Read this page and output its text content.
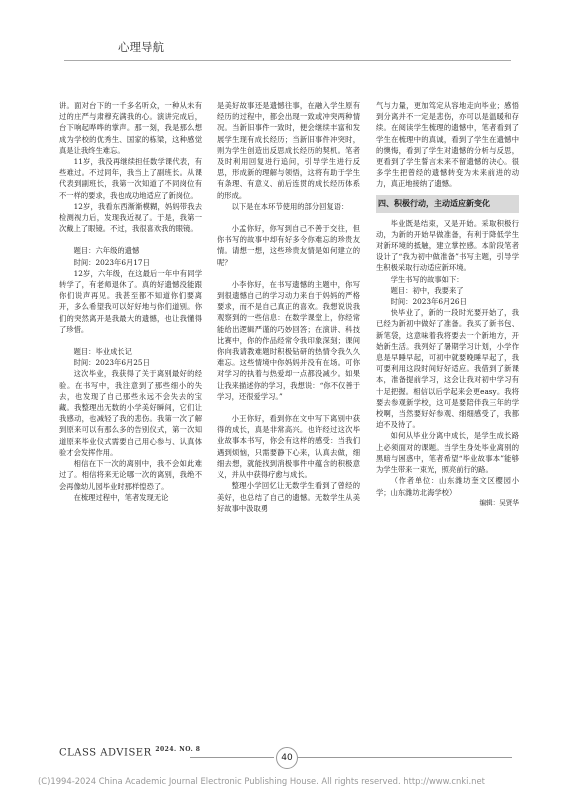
心理导航

讲。面对台下的一千多名听众，一种从未有过的庄严与肃穆充满我的心。演讲完成后，台下响起哗哗的掌声。那一刻，我是那么想成为学校的优秀生、国家的栋梁，这种感觉真是让我终生难忘。

11岁，我没再继续担任数学课代表，有些难过。不过同年，我当上了副班长。从课代表到副班长，我第一次知道了不同岗位有不一样的要求，我也成功地适应了新岗位。

12岁，我看东西渐渐模糊，妈妈带我去检测视力后，发现我近视了。于是，我第一次戴上了眼镜。不过，我很喜欢我的眼镜。

题目：六年级的遗憾

时间：2023年6月17日

12岁，六年级，在这最后一年中有同学转学了，有老师退休了。真的好遗憾没能跟你们说声再见。我甚至都不知道你们要离开，多么希望我可以好好地与你们道别。你们的突然离开是我最大的遗憾，也让我懂得了珍惜。

题目：毕业成长记

时间：2023年6月25日

这次毕业，我获得了关于离别最好的经验。在书写中，我注意到了那些细小的失去，也发现了自己那些永远不会失去的宝藏。我整理出无数的小学美好瞬间，它们让我感动，也减轻了我的悲伤。我第一次了解到原来可以有那么多的告别仪式，第一次知道原来毕业仪式需要自己用心参与、认真体验才会发挥作用。

相信在下一次的离别中，我不会如此难过了。相信将来无论哪一次的离别，我绝不会再像幼儿园毕业时那样惶恐了。

在梳理过程中，笔者发现无论

是美好故事还是遗憾往事，在融入学生原有经历的过程中，都会出现一致或冲突两种情况。当新旧事件一致时，便会继续丰富和发展学生现有成长经历；当新旧事件冲突时，则为学生创造出反思成长经历的契机。笔者及时利用回复进行追问，引导学生进行反思，形成新的理解与领悟，这将有助于学生有条理、有意义、前后连贯的成长经历体系的形成。

以下是在本环节使用的部分回复语：

小孟你好，你写到自己不善于交往，但你书写的故事中却有好多令你难忘的珍贵友情。请想一想，这些珍贵友情是如何建立的呢？

小李你好，在书写遗憾的主题中，你写到很遗憾自己的学习动力来自于妈妈的严格要求，而不是自己真正的喜欢。我想说说我观察到的一些信息：在数学课堂上，你经常能给出逻辑严谨的巧妙回答；在演讲、科技比赛中，你的作品经常令我印象深刻；课间你向我请教难题时积极钻研的热情令我久久难忘。这些情境中你妈妈并没有在场。可你对学习的执着与热爱却一点都没减少。如果让我来描述你的学习，我想说：“你不仅善于学习，还很爱学习。”

小王你好，看到你在文中写下离别中获得的成长，真是非常高兴。也许经过这次毕业故事本书写，你会有这样的感受：当我们遇到烦恼，只需要静下心来，认真去做，细细去想，就能找到消极事件中蕴含的积极意义，并从中获得疗愈与成长。

整理小学回忆让无数学生看到了曾经的美好，也总结了自己的遗憾。无数学生从美好故事中汲取勇

气与力量，更加笃定从容地走向毕业；感悟到分离并不一定是悲伤，亦可以是温暖和存续。在阅读学生梳理的遗憾中，笔者看到了学生在梳理中的真诚，看到了学生在遗憾中的懊悔，看到了学生对遗憾的分析与反思，更看到了学生誓言未来不留遗憾的决心。很多学生把曾经的遗憾转变为未来前进的动力，真正地接纳了遗憾。

四、积极行动，主动适应新变化

毕业既是结束，又是开始。采取积极行动，为新的开始早做准备，有利于降低学生对新环境的抵触，建立掌控感。本阶段笔者设计了“我为初中做准备”书写主题，引导学生积极采取行动适应新环境。

学生书写的故事如下：

题目：初中，我要来了

时间：2023年6月26日

快毕业了，新的一段时光要开始了，我已经为新初中做好了准备。我买了新书包、新笔袋，这意味着我将要去一个新地方，开始新生活。我列好了暑期学习计划，小学作息是早睡早起，可初中就要晚睡早起了，我可要利用这段时间好好适应。我借到了新课本，准备提前学习，这会让我对初中学习有十足把握。相信以后学起来会更easy。我将要去参观新学校，这可是要陪伴我三年的学校啊，当然要好好参观、细细感受了，我都迫不及待了。

如何从毕业分离中成长，是学生成长路上必须面对的课题。当学生身处毕业离别的黑暗与困惑中，笔者希望“毕业故事本”能够为学生带来一束光，照亮前行的路。

（作者单位：山东潍坊奎文区樱园小学；山东潍坊北海学校）

编辑：吴贤华

CLASS ADVISER $^{2024. NO. 8}$
40
(C)1994-2024 China Academic Journal Electronic Publishing House. All rights reserved. http://www.cnki.net
